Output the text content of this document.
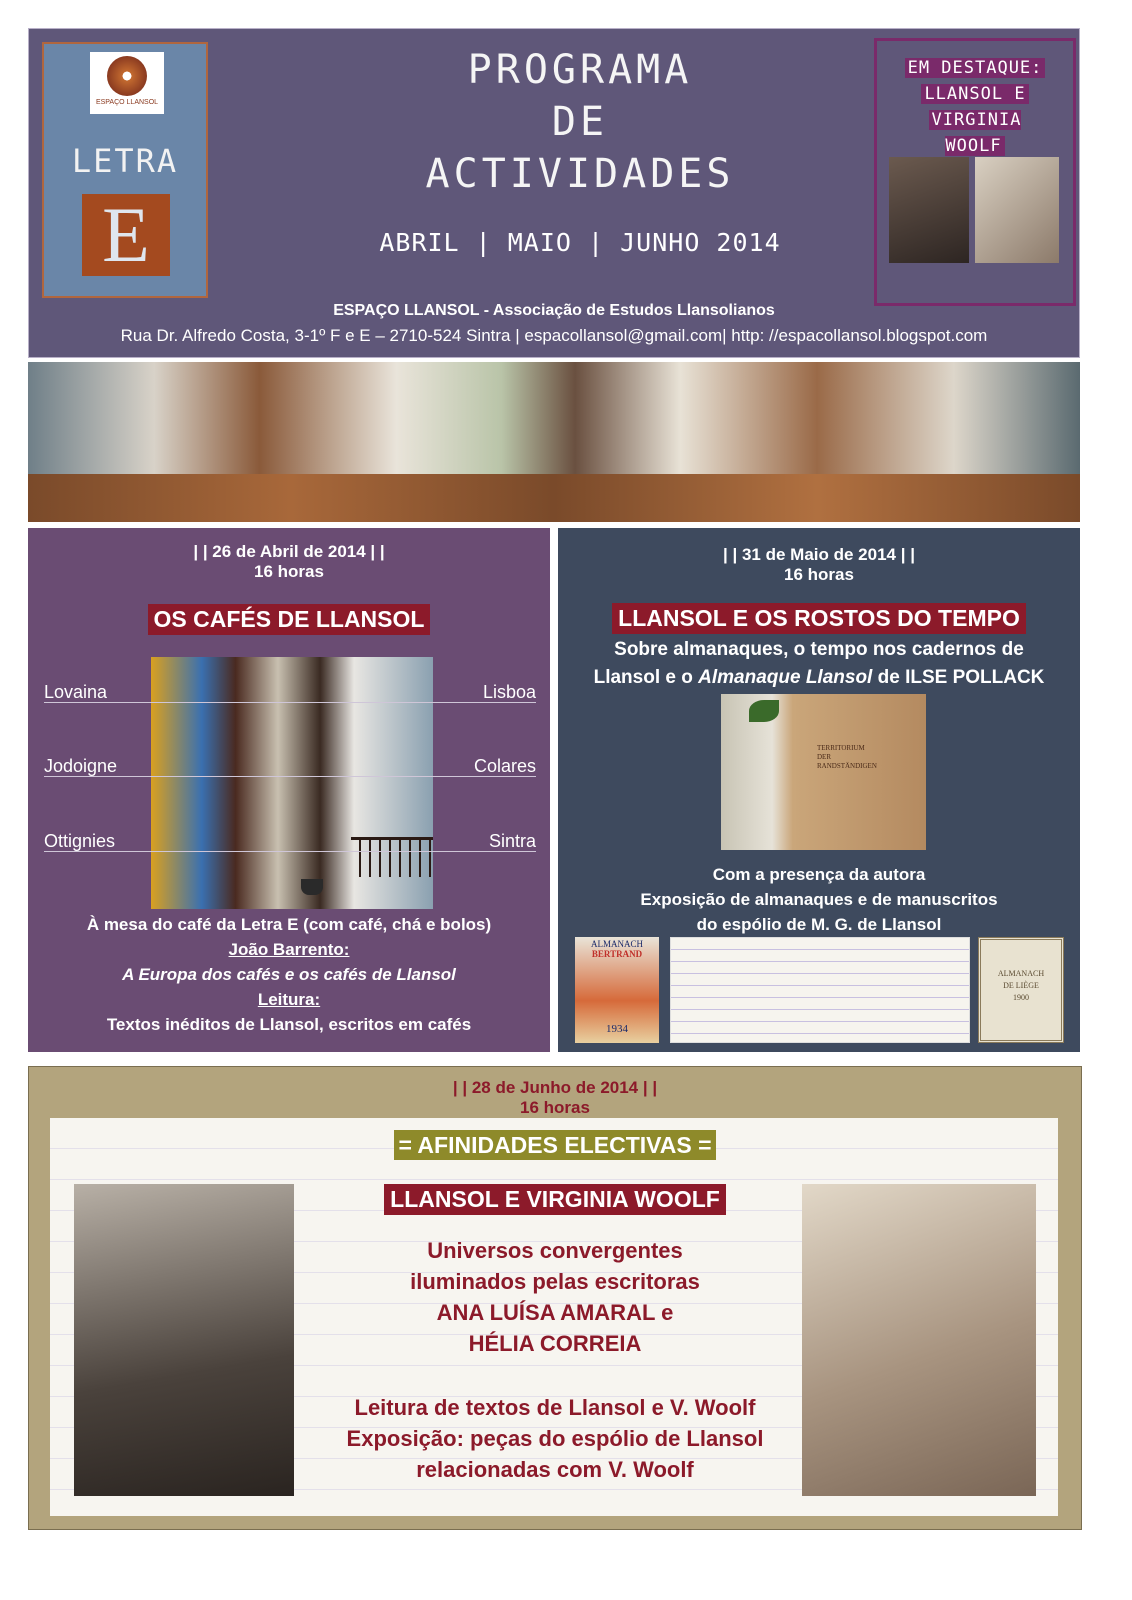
ESPAÇO LLANSOL
LETRA
E
PROGRAMA
DE
ACTIVIDADES
ABRIL | MAIO | JUNHO 2014
ESPAÇO LLANSOL - Associação de Estudos Llansolianos
Rua Dr. Alfredo Costa, 3-1º F e E – 2710-524 Sintra | espacollansol@gmail.com| http: //espacollansol.blogspot.com
EM DESTAQUE:
LLANSOL E
VIRGINIA WOOLF
| | 26 de Abril de 2014 | |
16 horas
OS CAFÉS DE LLANSOL
Lovaina
Jodoigne
Ottignies
Lisboa
Colares
Sintra
À mesa do café da Letra E (com café, chá e bolos)
João Barrento:
A Europa dos cafés e os cafés de Llansol
Leitura:
Textos inéditos de Llansol, escritos em cafés
| | 31 de Maio de 2014 | |
16 horas
LLANSOL E OS ROSTOS DO TEMPO
Sobre almanaques, o tempo nos cadernos de
Llansol e o Almanaque Llansol de ILSE POLLACK
TERRITORIUM
DER
RANDSTÄNDIGEN
Com a presença da autora
Exposição de almanaques e de manuscritos
do espólio de M. G. de Llansol
ALMANACH
BERTRAND
1934
ALMANACH
DE LIÈGE
1900
| | 28 de Junho de 2014 | |
16 horas
= AFINIDADES ELECTIVAS =
LLANSOL E VIRGINIA WOOLF
Universos convergentes
iluminados pelas escritoras
ANA LUÍSA AMARAL e
HÉLIA CORREIA
Leitura de textos de Llansol e V. Woolf
Exposição: peças do espólio de Llansol
relacionadas com V. Woolf
